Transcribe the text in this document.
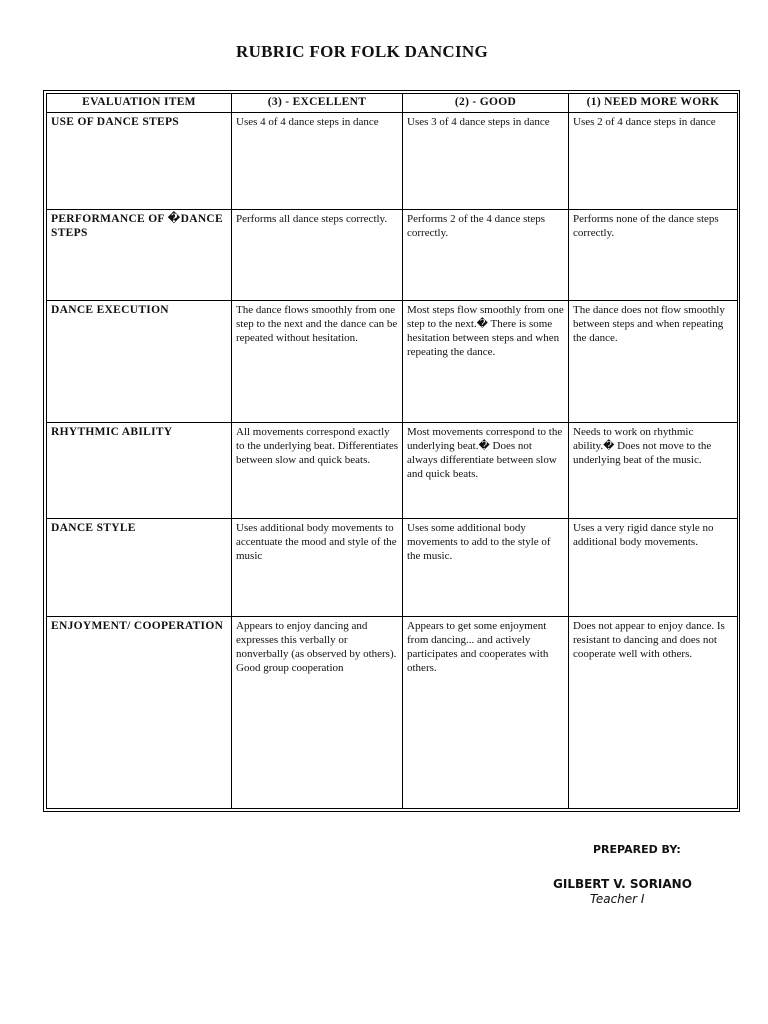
RUBRIC FOR FOLK DANCING
EVALUATION ITEM	(3) - EXCELLENT	(2) - GOOD	(1) NEED MORE WORK
USE OF DANCE STEPS	Uses 4 of 4 dance steps in dance	Uses 3 of 4 dance steps in dance	Uses 2 of 4 dance steps in dance
PERFORMANCE OF �DANCE STEPS	Performs all dance steps correctly.	Performs 2 of the 4 dance steps correctly.	Performs none of the dance steps correctly.
DANCE EXECUTION	The dance flows smoothly from one step to the next and the dance can be repeated without hesitation.	Most steps flow smoothly from one step to the next.� There is some hesitation between steps and when repeating the dance.	The dance does not flow smoothly between steps and when repeating the dance.
RHYTHMIC ABILITY	All movements correspond exactly to the underlying beat. Differentiates between slow and quick beats.	Most movements correspond to the underlying beat.� Does not always differentiate between slow and quick beats.	Needs to work on rhythmic ability.� Does not move to the underlying beat of the music.
DANCE STYLE	Uses additional body movements to accentuate the mood and style of the music	Uses some additional body movements to add to the style of the music.	Uses a very rigid dance style no additional body movements.
ENJOYMENT/ COOPERATION	Appears to enjoy dancing and expresses this verbally or nonverbally (as observed by others). Good group cooperation	Appears to get some enjoyment from dancing... and actively participates and cooperates with others.	Does not appear to enjoy dance. Is resistant to dancing and does not cooperate well with others.
PREPARED BY:
GILBERT V. SORIANO
Teacher I
